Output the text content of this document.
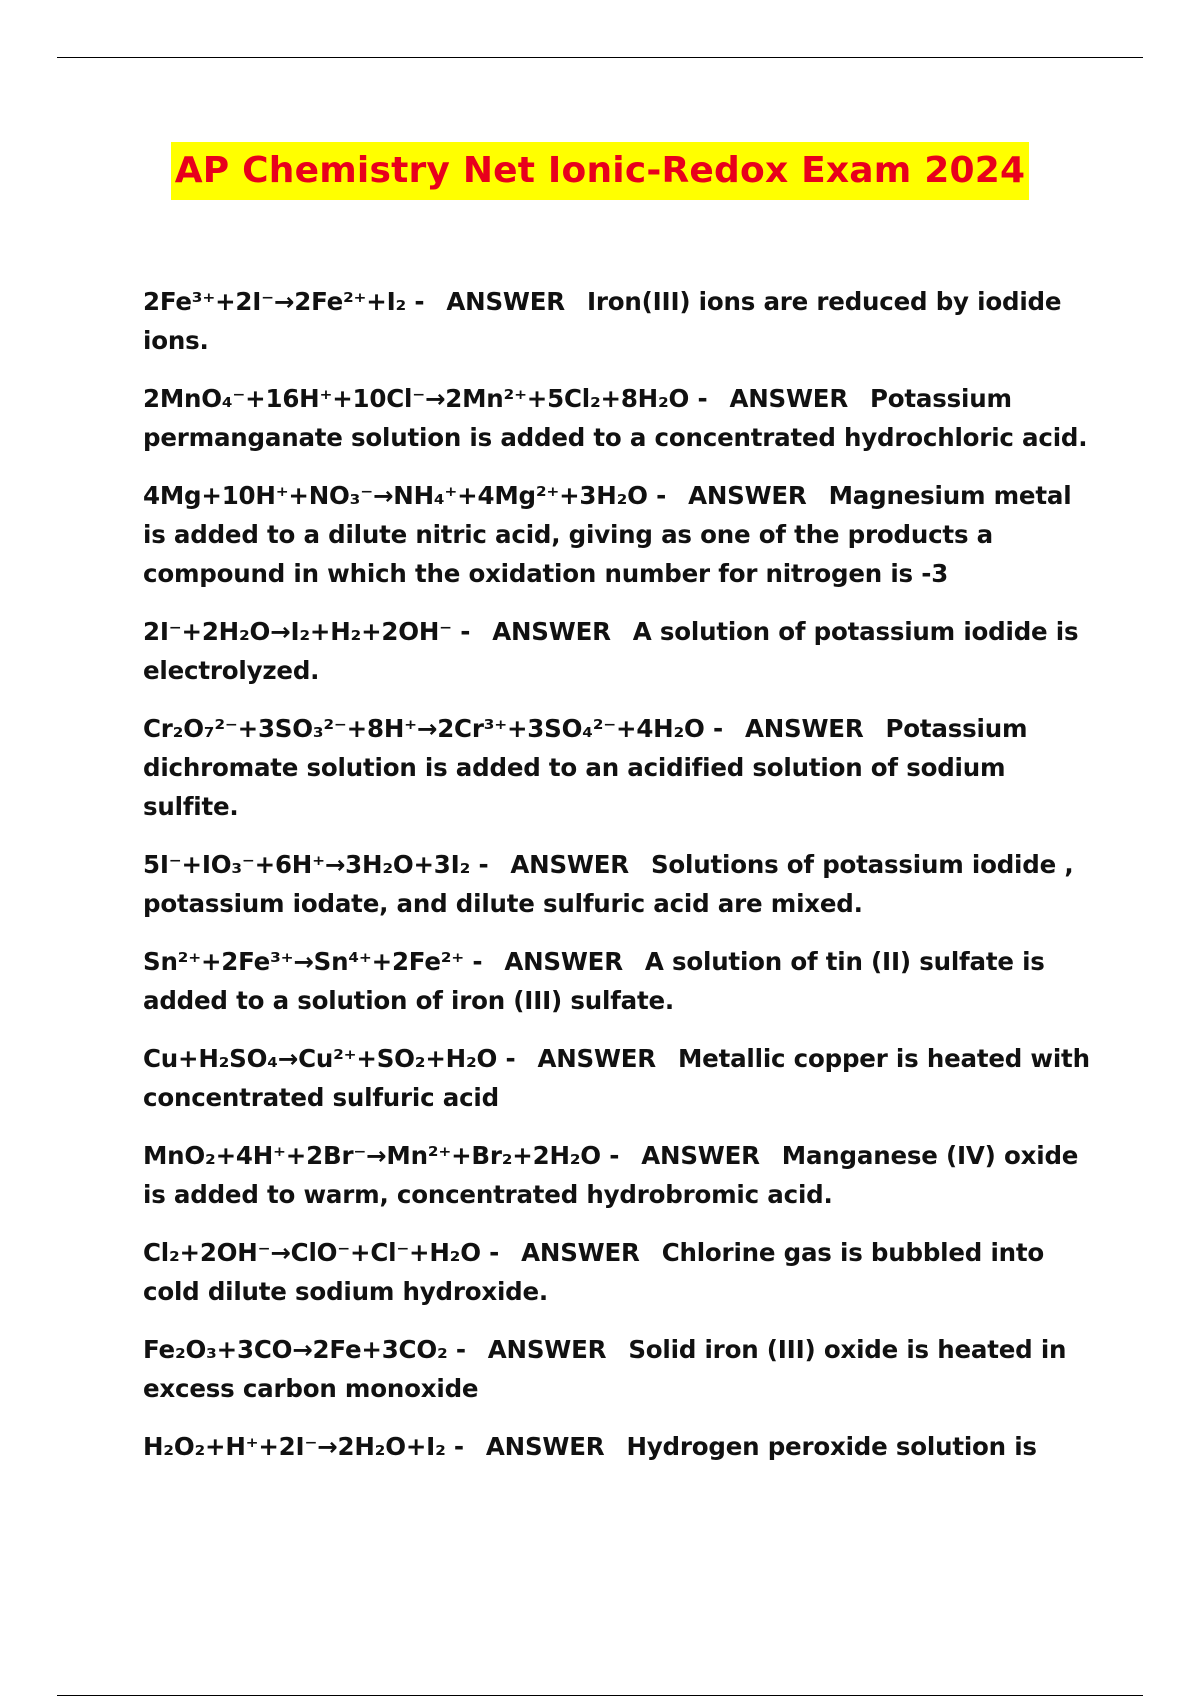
AP Chemistry Net Ionic-Redox Exam 2024
2Fe³⁺+2I⁻→2Fe²⁺+I₂ - ANSWER Iron(III) ions are reduced by iodide ions.
2MnO₄⁻+16H⁺+10Cl⁻→2Mn²⁺+5Cl₂+8H₂O - ANSWER Potassium permanganate solution is added to a concentrated hydrochloric acid.
4Mg+10H⁺+NO₃⁻→NH₄⁺+4Mg²⁺+3H₂O - ANSWER Magnesium metal is added to a dilute nitric acid, giving as one of the products a compound in which the oxidation number for nitrogen is -3
2I⁻+2H₂O→I₂+H₂+2OH⁻ - ANSWER A solution of potassium iodide is electrolyzed.
Cr₂O₇²⁻+3SO₃²⁻+8H⁺→2Cr³⁺+3SO₄²⁻+4H₂O - ANSWER Potassium dichromate solution is added to an acidified solution of sodium sulfite.
5I⁻+IO₃⁻+6H⁺→3H₂O+3I₂ - ANSWER Solutions of potassium iodide , potassium iodate, and dilute sulfuric acid are mixed.
Sn²⁺+2Fe³⁺→Sn⁴⁺+2Fe²⁺ - ANSWER A solution of tin (II) sulfate is added to a solution of iron (III) sulfate.
Cu+H₂SO₄→Cu²⁺+SO₂+H₂O - ANSWER Metallic copper is heated with concentrated sulfuric acid
MnO₂+4H⁺+2Br⁻→Mn²⁺+Br₂+2H₂O - ANSWER Manganese (IV) oxide is added to warm, concentrated hydrobromic acid.
Cl₂+2OH⁻→ClO⁻+Cl⁻+H₂O - ANSWER Chlorine gas is bubbled into cold dilute sodium hydroxide.
Fe₂O₃+3CO→2Fe+3CO₂ - ANSWER Solid iron (III) oxide is heated in excess carbon monoxide
H₂O₂+H⁺+2I⁻→2H₂O+I₂ - ANSWER Hydrogen peroxide solution is
